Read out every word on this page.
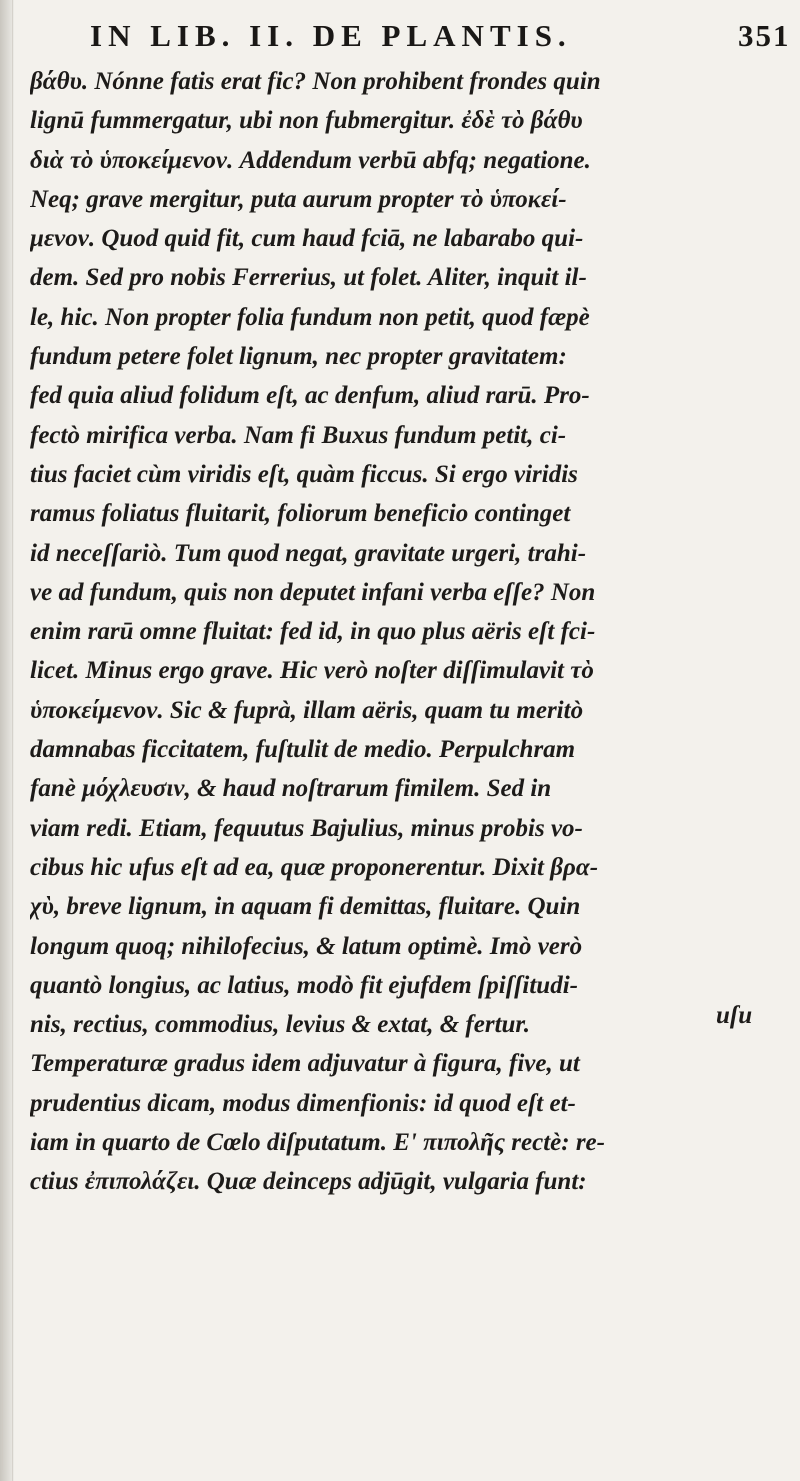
IN LIB. II. DE PLANTIS.	351
βάθυ. Nónne fatis erat fic? Non prohibent frondes quin
lignū fummergatur, ubi non fubmergitur. ἐδὲ τὸ βάθυ
διὰ τὸ ὑποκείμενον. Addendum verbū abfq; negatione.
Neq; grave mergitur, puta aurum propter τὸ ὑποκεί-
μενον. Quod quid fit, cum haud fciā, ne labarabo qui-
dem. Sed pro nobis Ferrerius, ut folet. Aliter, inquit il-
le, hic. Non propter folia fundum non petit, quod fæpè
fundum petere folet lignum, nec propter gravitatem:
fed quia aliud folidum eſt, ac denfum, aliud rarū. Pro-
fectò mirifica verba. Nam fi Buxus fundum petit, ci-
tius faciet cùm viridis eſt, quàm ficcus. Si ergo viridis
ramus foliatus fluitarit, foliorum beneficio continget
id neceſſariò. Tum quod negat, gravitate urgeri, trahi-
ve ad fundum, quis non deputet infani verba eſſe? Non
enim rarū omne fluitat: fed id, in quo plus aëris eſt fci-
licet. Minus ergo grave. Hic verò noſter diſſimulavit τὸ
ὑποκείμενον. Sic & fuprà, illam aëris, quam tu meritò
damnabas ficcitatem, fuſtulit de medio. Perpulchram
fanè μόχλευσιν, & haud noſtrarum fimilem. Sed in
viam redi. Etiam, fequutus Bajulius, minus probis vo-
cibus hic ufus eſt ad ea, quæ proponerentur. Dixit βρα-
χὺ, breve lignum, in aquam fi demittas, fluitare. Quin
longum quoq; nihilofecius, & latum optimè. Imò verò
quantò longius, ac latius, modò fit ejufdem ſpiſſitudi-
nis, rectius, commodius, levius & extat, & fertur.
Temperaturæ gradus idem adjuvatur à figura, five, ut
prudentius dicam, modus dimenfionis: id quod eſt et-
iam in quarto de Cœlo diſputatum. Ε' πιπολῆς rectè: re-
ctius ἐπιπολάζει. Quæ deinceps adjūgit, vulgaria funt:
uſu
